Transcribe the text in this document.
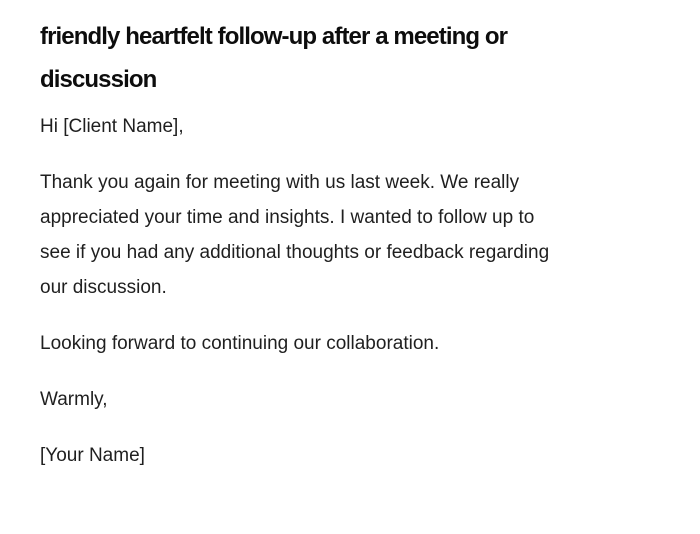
friendly heartfelt follow-up after a meeting or
discussion
Hi [Client Name],
Thank you again for meeting with us last week. We really
appreciated your time and insights. I wanted to follow up to
see if you had any additional thoughts or feedback regarding
our discussion.
Looking forward to continuing our collaboration.
Warmly,
[Your Name]
